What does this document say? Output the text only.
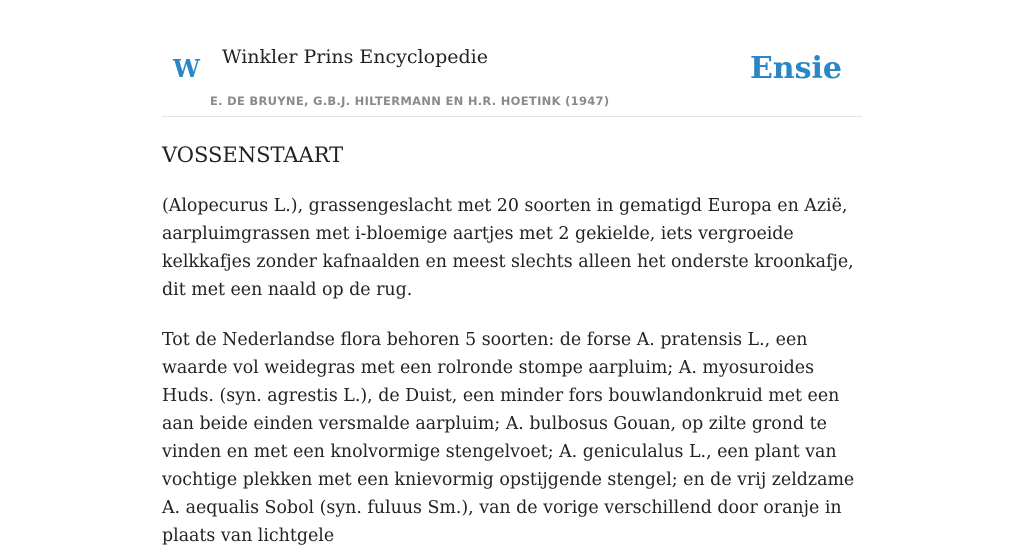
W Winkler Prins Encyclopedie
E. DE BRUYNE, G.B.J. HILTERMANN EN H.R. HOETINK (1947)
Ensie
VOSSENSTAART

(Alopecurus L.), grassengeslacht met 20 soorten in gematigd Europa en Azië, aarpluimgrassen met i-bloemige aartjes met 2 gekielde, iets vergroeide kelkkafjes zonder kafnaalden en meest slechts alleen het onderste kroonkafje, dit met een naald op de rug.

Tot de Nederlandse flora behoren 5 soorten: de forse A. pratensis L., een waarde vol weidegras met een rolronde stompe aarpluim; A. myosuroides Huds. (syn. agrestis L.), de Duist, een minder fors bouwlandonkruid met een aan beide einden versmalde aarpluim; A. bulbosus Gouan, op zilte grond te vinden en met een knolvormige stengelvoet; A. geniculalus L., een plant van vochtige plekken met een knievormig opstijgende stengel; en de vrij zeldzame A. aequalis Sobol (syn. fuluus Sm.), van de vorige verschillend door oranje in plaats van lichtgele
